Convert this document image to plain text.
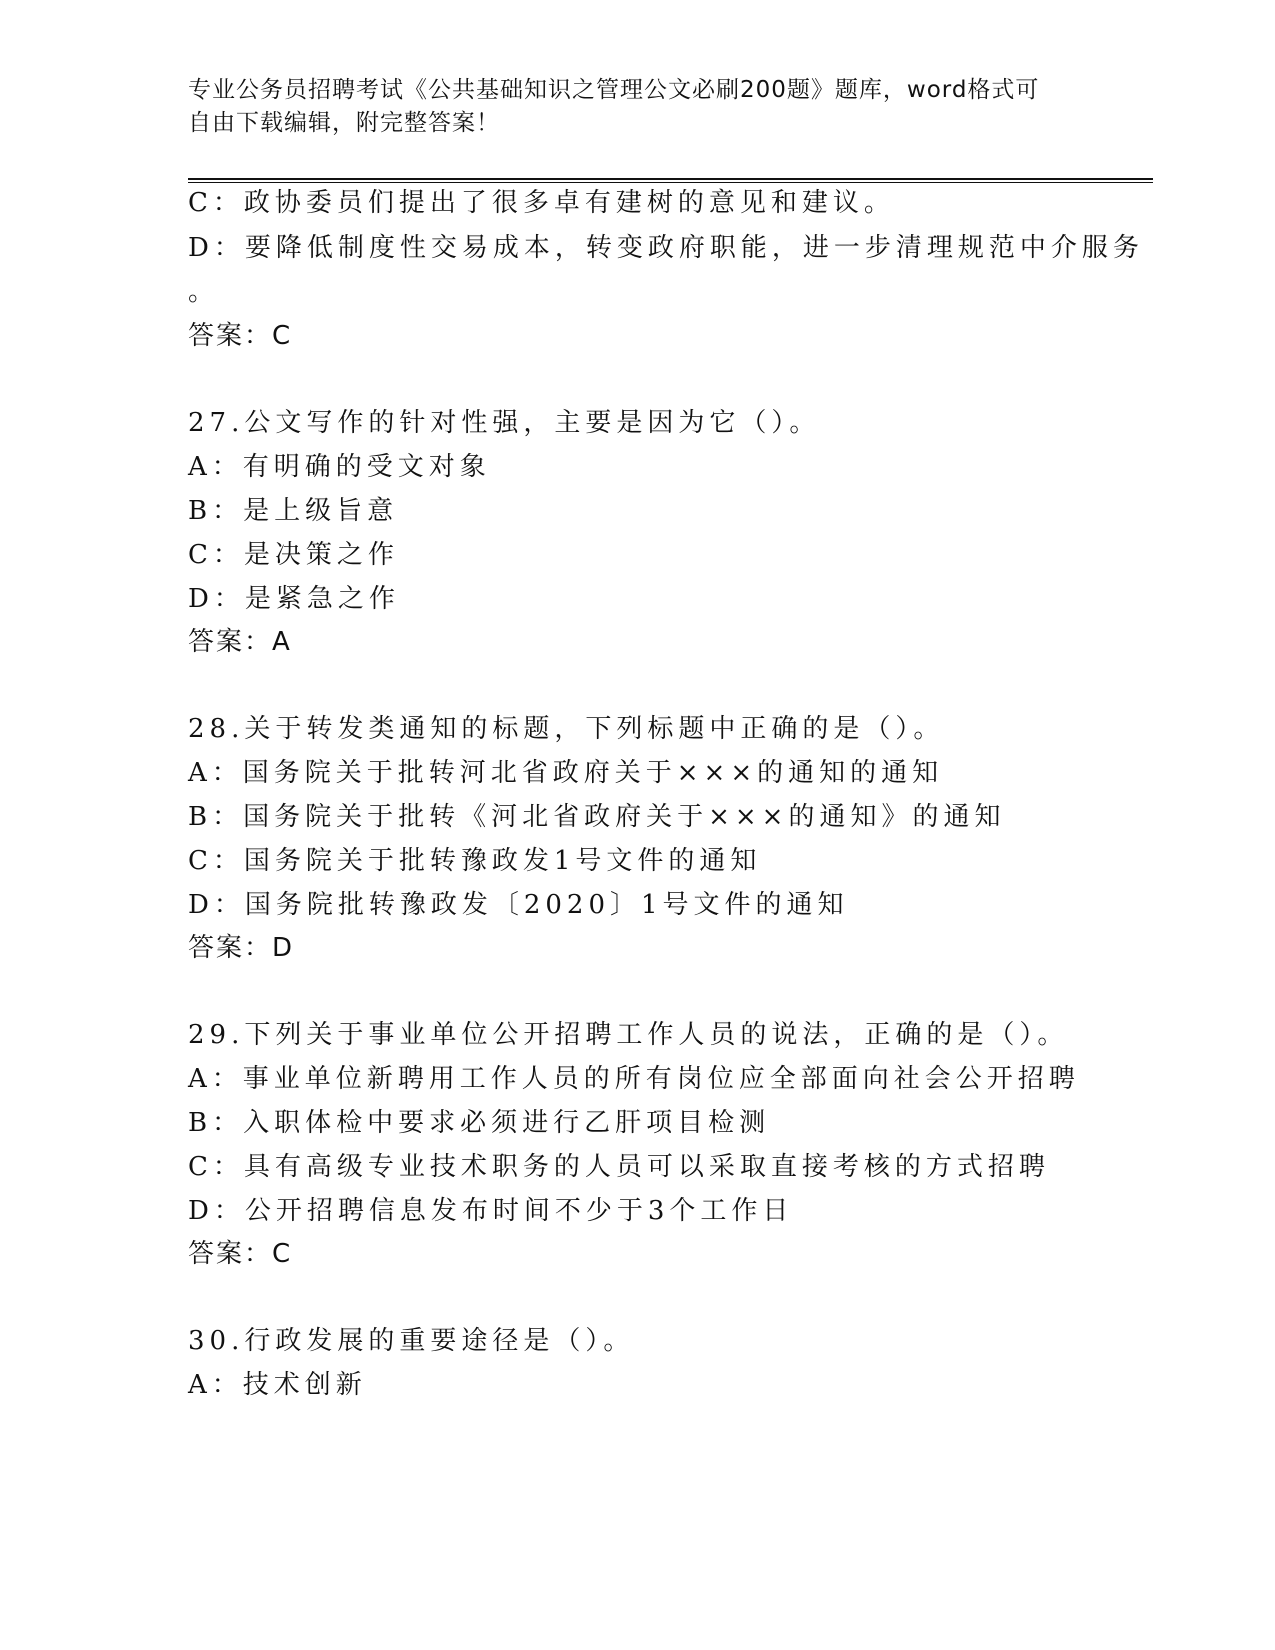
专业公务员招聘考试《公共基础知识之管理公文必刷200题》题库，word格式可
自由下载编辑，附完整答案！
C：政协委员们提出了很多卓有建树的意见和建议。
D：要降低制度性交易成本，转变政府职能，进一步清理规范中介服务
。
答案：C
27.公文写作的针对性强，主要是因为它（）。
A：有明确的受文对象
B：是上级旨意
C：是决策之作
D：是紧急之作
答案：A
28.关于转发类通知的标题，下列标题中正确的是（）。
A：国务院关于批转河北省政府关于×××的通知的通知
B：国务院关于批转《河北省政府关于×××的通知》的通知
C：国务院关于批转豫政发1号文件的通知
D：国务院批转豫政发〔2020〕1号文件的通知
答案：D
29.下列关于事业单位公开招聘工作人员的说法，正确的是（）。
A：事业单位新聘用工作人员的所有岗位应全部面向社会公开招聘
B：入职体检中要求必须进行乙肝项目检测
C：具有高级专业技术职务的人员可以采取直接考核的方式招聘
D：公开招聘信息发布时间不少于3个工作日
答案：C
30.行政发展的重要途径是（）。
A：技术创新
